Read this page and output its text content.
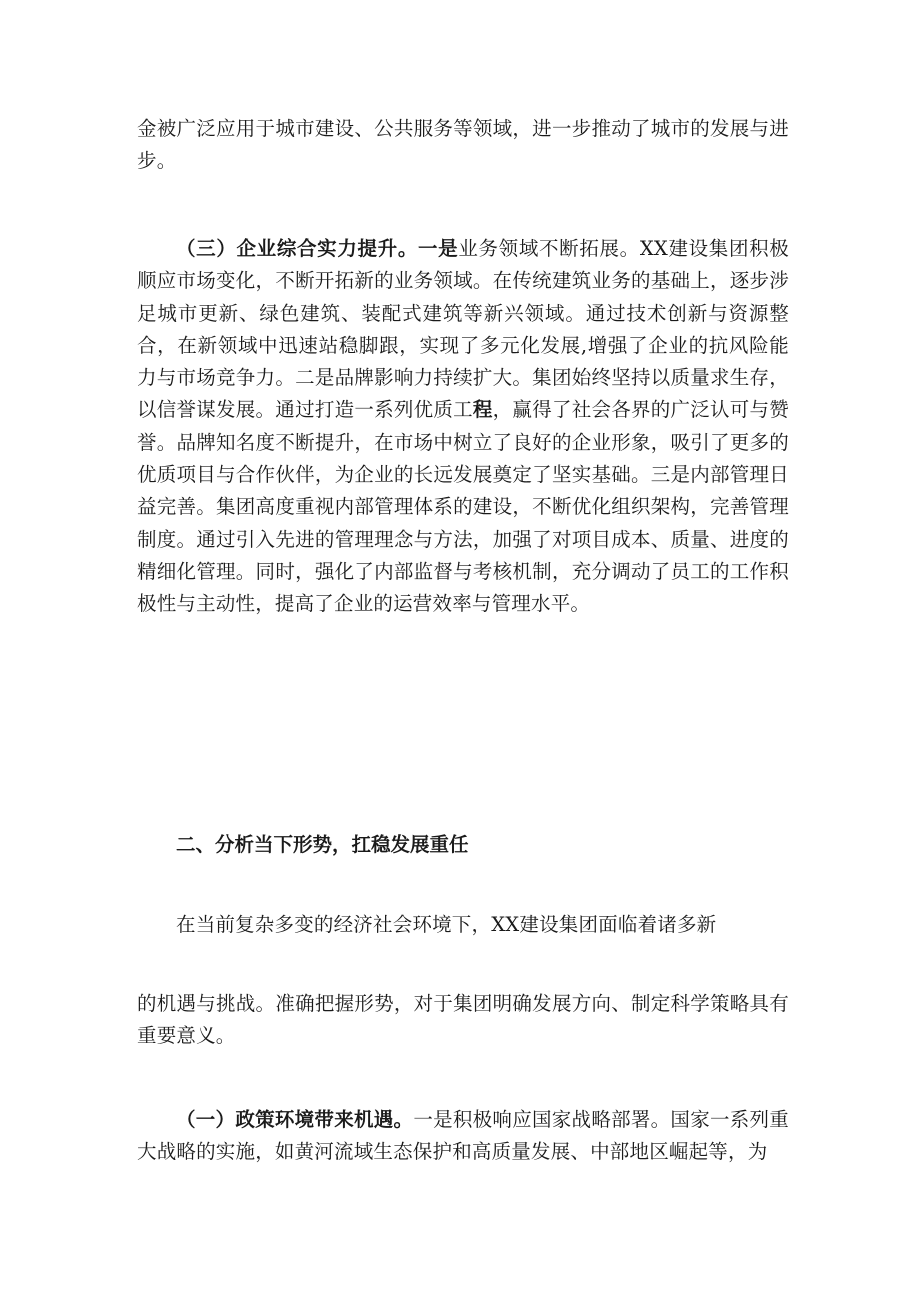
金被广泛应用于城市建设、公共服务等领域，进一步推动了城市的发展与进步。

（三）企业综合实力提升。一是业务领域不断拓展。XX建设集团积极顺应市场变化，不断开拓新的业务领域。在传统建筑业务的基础上，逐步涉足城市更新、绿色建筑、装配式建筑等新兴领域。通过技术创新与资源整合，在新领域中迅速站稳脚跟，实现了多元化发展,增强了企业的抗风险能力与市场竞争力。二是品牌影响力持续扩大。集团始终坚持以质量求生存，以信誉谋发展。通过打造一系列优质工程，赢得了社会各界的广泛认可与赞誉。品牌知名度不断提升，在市场中树立了良好的企业形象，吸引了更多的优质项目与合作伙伴，为企业的长远发展奠定了坚实基础。三是内部管理日益完善。集团高度重视内部管理体系的建设，不断优化组织架构，完善管理制度。通过引入先进的管理理念与方法，加强了对项目成本、质量、进度的精细化管理。同时，强化了内部监督与考核机制，充分调动了员工的工作积极性与主动性，提高了企业的运营效率与管理水平。

二、分析当下形势，扛稳发展重任

在当前复杂多变的经济社会环境下，XX建设集团面临着诸多新

的机遇与挑战。准确把握形势，对于集团明确发展方向、制定科学策略具有重要意义。

（一）政策环境带来机遇。一是积极响应国家战略部署。国家一系列重大战略的实施，如黄河流域生态保护和高质量发展、中部地区崛起等，为
